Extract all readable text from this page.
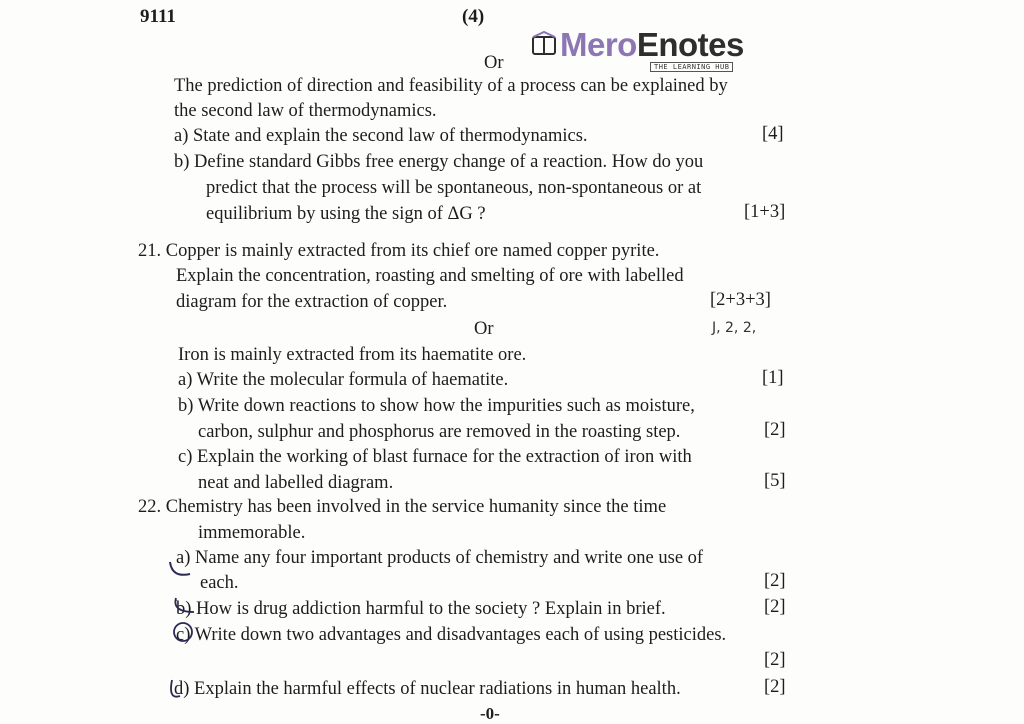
9111	(4)
Or MeroEnotes
THE LEARNING HUB
The prediction of direction and feasibility of a process can be explained by
the second law of thermodynamics.
a) State and explain the second law of thermodynamics.	[4]
b) Define standard Gibbs free energy change of a reaction. How do you
predict that the process will be spontaneous, non-spontaneous or at
equilibrium by using the sign of ΔG ?	[1+3]
21. Copper is mainly extracted from its chief ore named copper pyrite.
Explain the concentration, roasting and smelting of ore with labelled
diagram for the extraction of copper.	[2+3+3]
Or	J, 2, 2,
Iron is mainly extracted from its haematite ore.
a) Write the molecular formula of haematite.	[1]
b) Write down reactions to show how the impurities such as moisture,
carbon, sulphur and phosphorus are removed in the roasting step.	[2]
c) Explain the working of blast furnace for the extraction of iron with
neat and labelled diagram.	[5]
22. Chemistry has been involved in the service humanity since the time
immemorable.
a) Name any four important products of chemistry and write one use of
each.	[2]
b) How is drug addiction harmful to the society ? Explain in brief.	[2]
c) Write down two advantages and disadvantages each of using pesticides.
[2]
d) Explain the harmful effects of nuclear radiations in human health.	[2]
-0-
